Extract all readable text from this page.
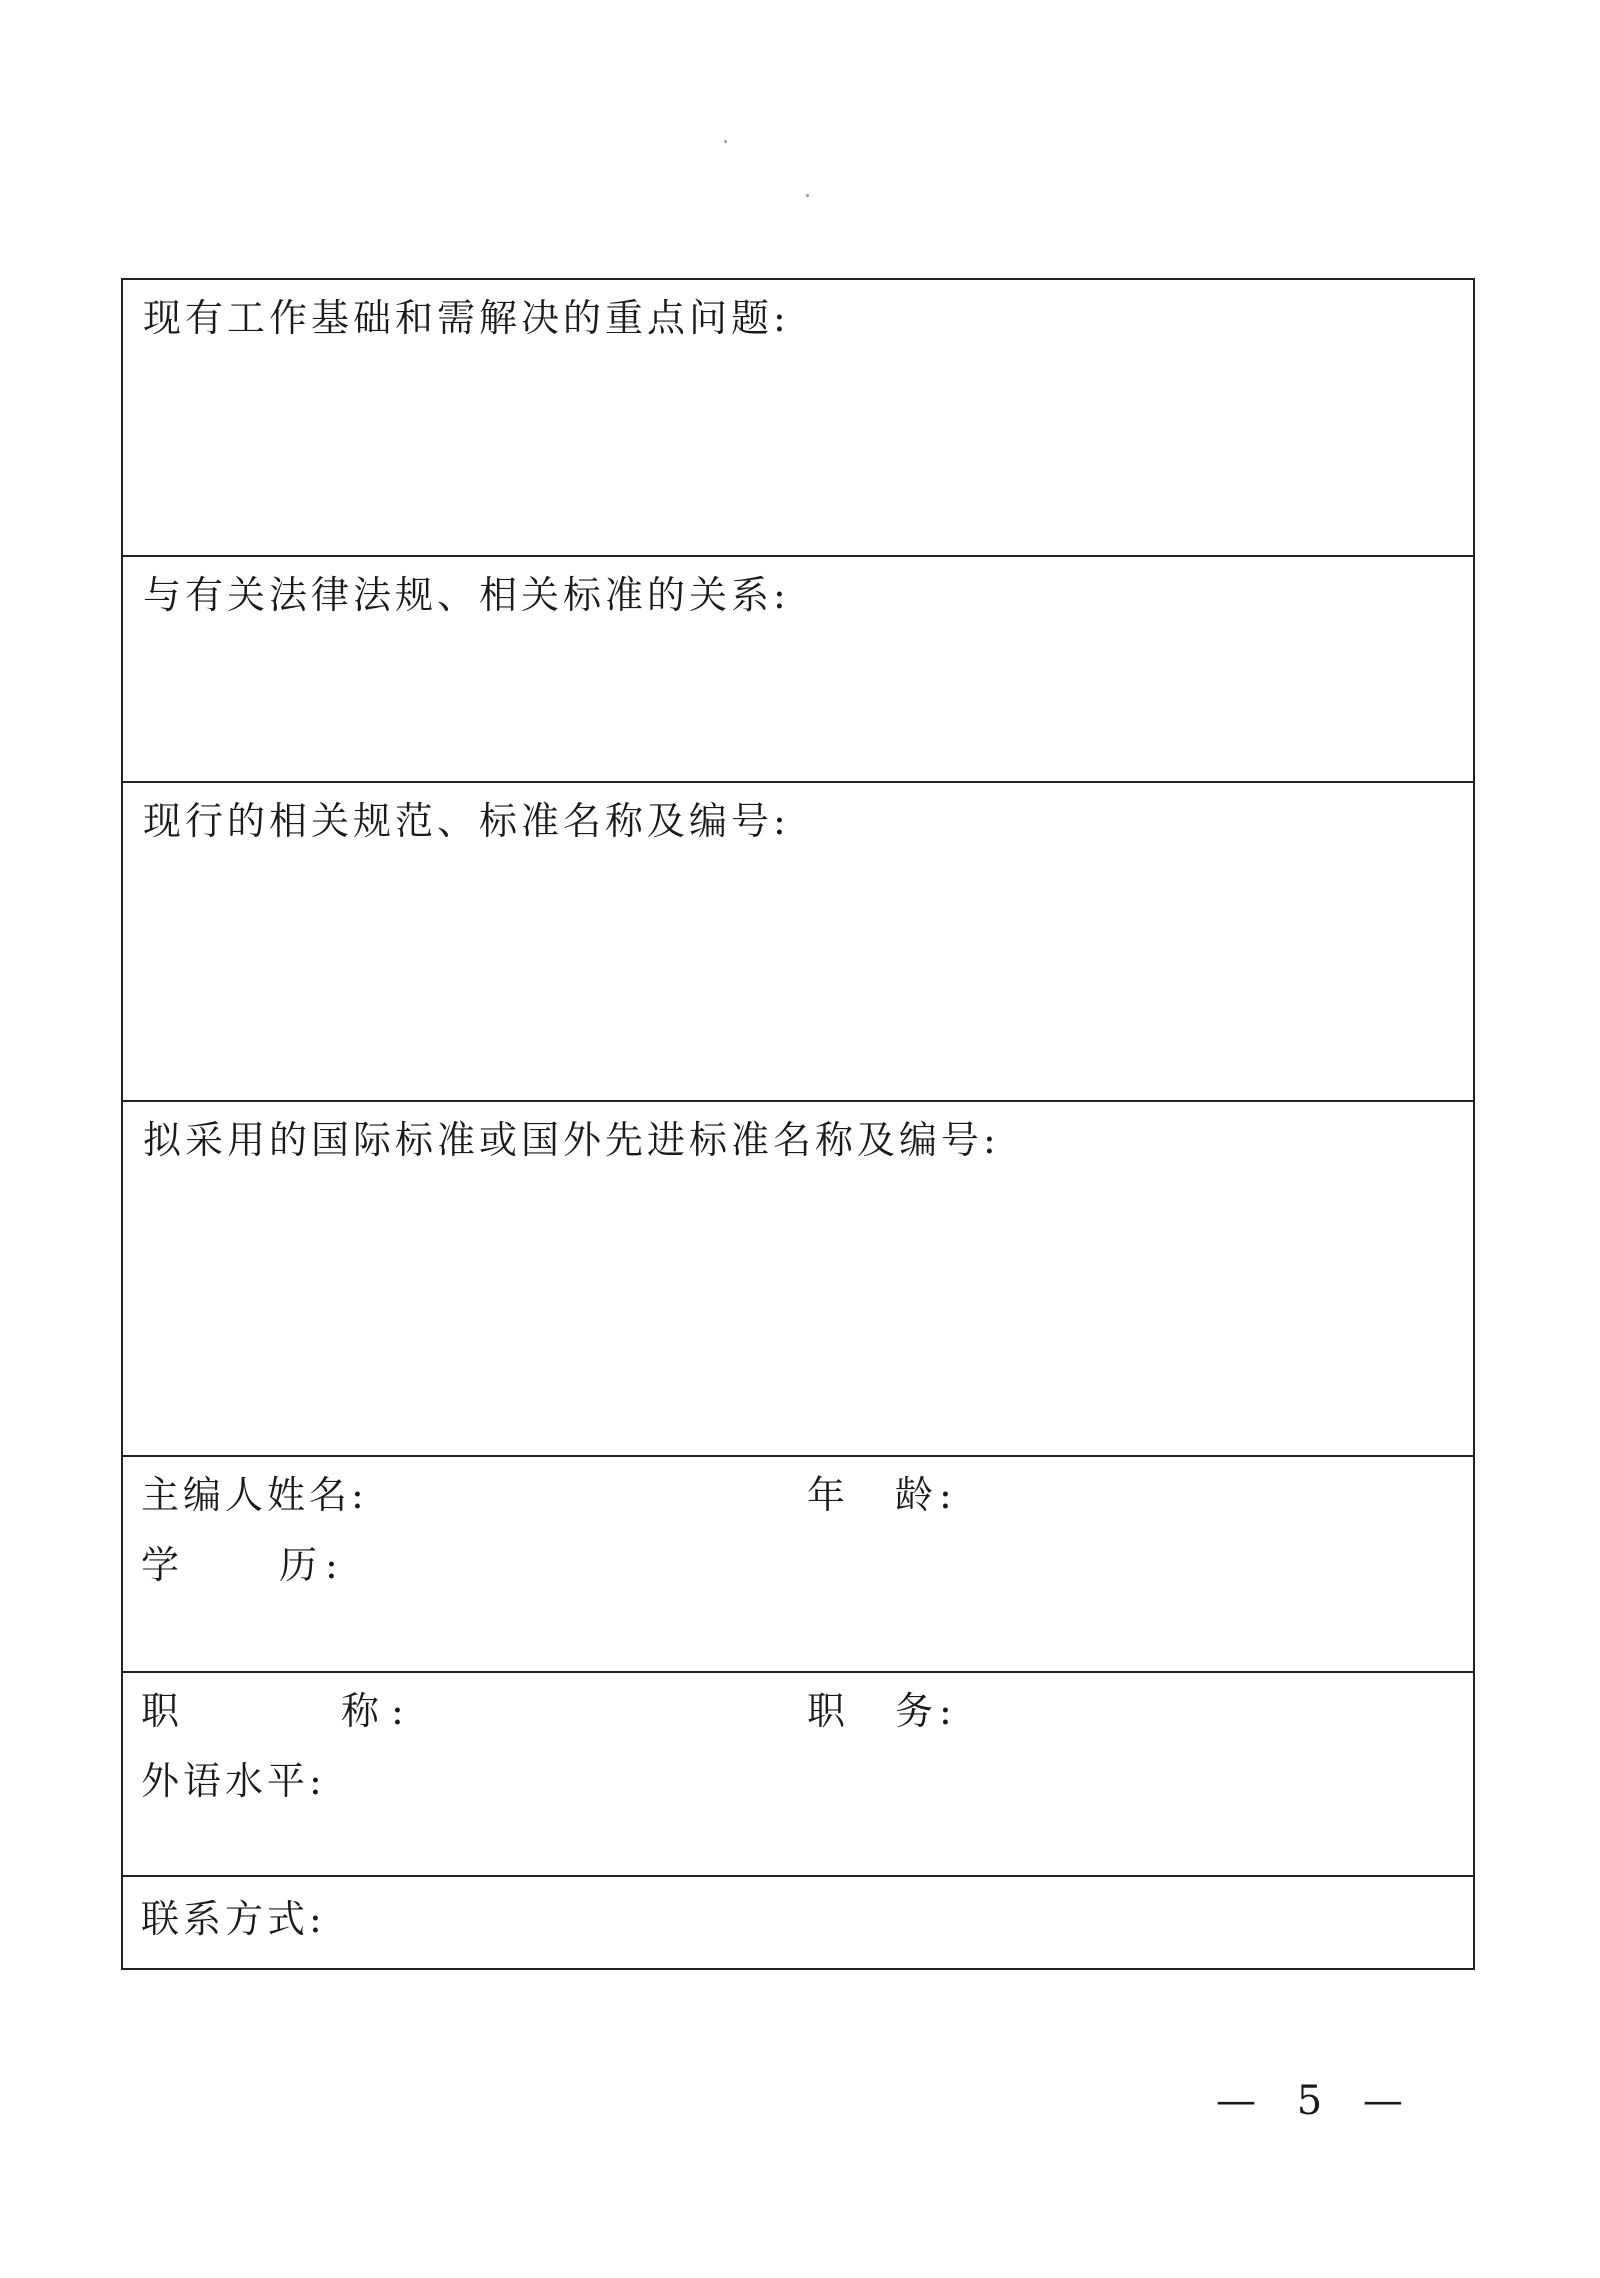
现有工作基础和需解决的重点问题:
与有关法律法规、相关标准的关系:
现行的相关规范、标准名称及编号:
拟采用的国际标准或国外先进标准名称及编号:
主编人姓名:	年　龄:
学　　历:
职　　　称:	职　务:
外语水平:
联系方式:
— 5 —
